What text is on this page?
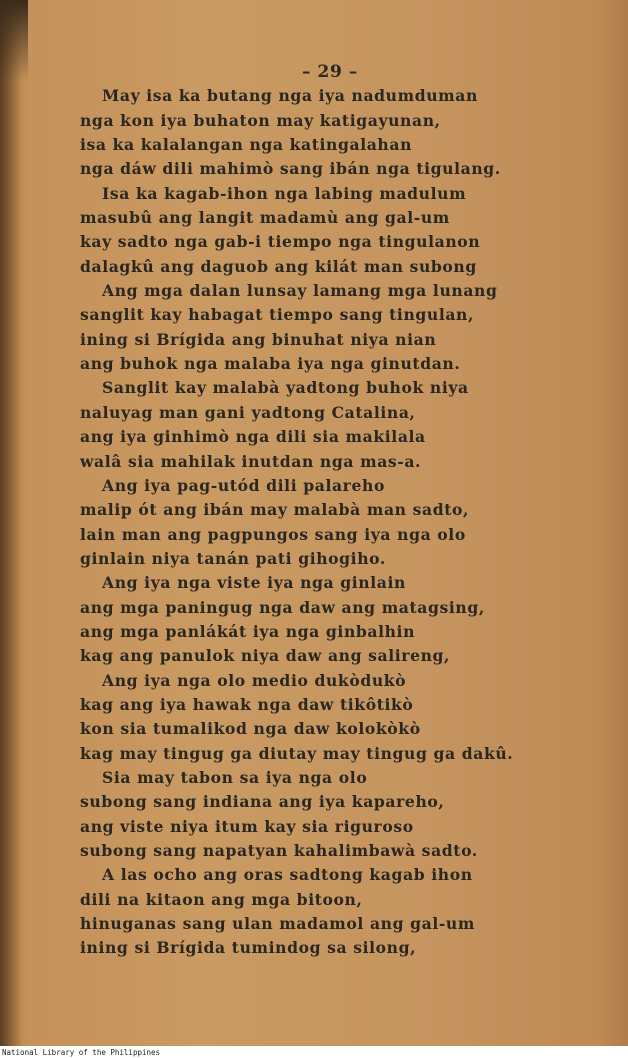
– 29 –
May isa ka butang nga iya nadumduman
nga kon iya buhaton may katigayunan,
isa ka kalalangan nga katingalahan
nga dáw dili mahimò sang ibán nga tigulang.
Isa ka kagab-ihon nga labing madulum
masubû ang langit madamù ang gal-um
kay sadto nga gab-i tiempo nga tingulanon
dalagkû ang daguob ang kilát man subong
Ang mga dalan lunsay lamang mga lunang
sanglit kay habagat tiempo sang tingulan,
ining si Brígida ang binuhat niya nian
ang buhok nga malaba iya nga ginutdan.
Sanglit kay malabà yadtong buhok niya
naluyag man gani yadtong Catalina,
ang iya ginhimò nga dili sia makilala
walâ sia mahilak inutdan nga mas-a.
Ang iya pag-utód dili palareho
malip ót ang ibán may malabà man sadto,
lain man ang pagpungos sang iya nga olo
ginlain niya tanán pati gihogiho.
Ang iya nga viste iya nga ginlain
ang mga paningug nga daw ang matagsing,
ang mga panlákát iya nga ginbalhin
kag ang panulok niya daw ang salireng,
Ang iya nga olo medio dukòdukò
kag ang iya hawak nga daw tikôtikò
kon sia tumalikod nga daw kolokòkò
kag may tingug ga diutay may tingug ga dakû.
Sia may tabon sa iya nga olo
subong sang indiana ang iya kapareho,
ang viste niya itum kay sia riguroso
subong sang napatyan kahalimbawà sadto.
A las ocho ang oras sadtong kagab ihon
dili na kitaon ang mga bitoon,
hinuganas sang ulan madamol ang gal-um
ining si Brígida tumindog sa silong,
National Library of the Philippines
